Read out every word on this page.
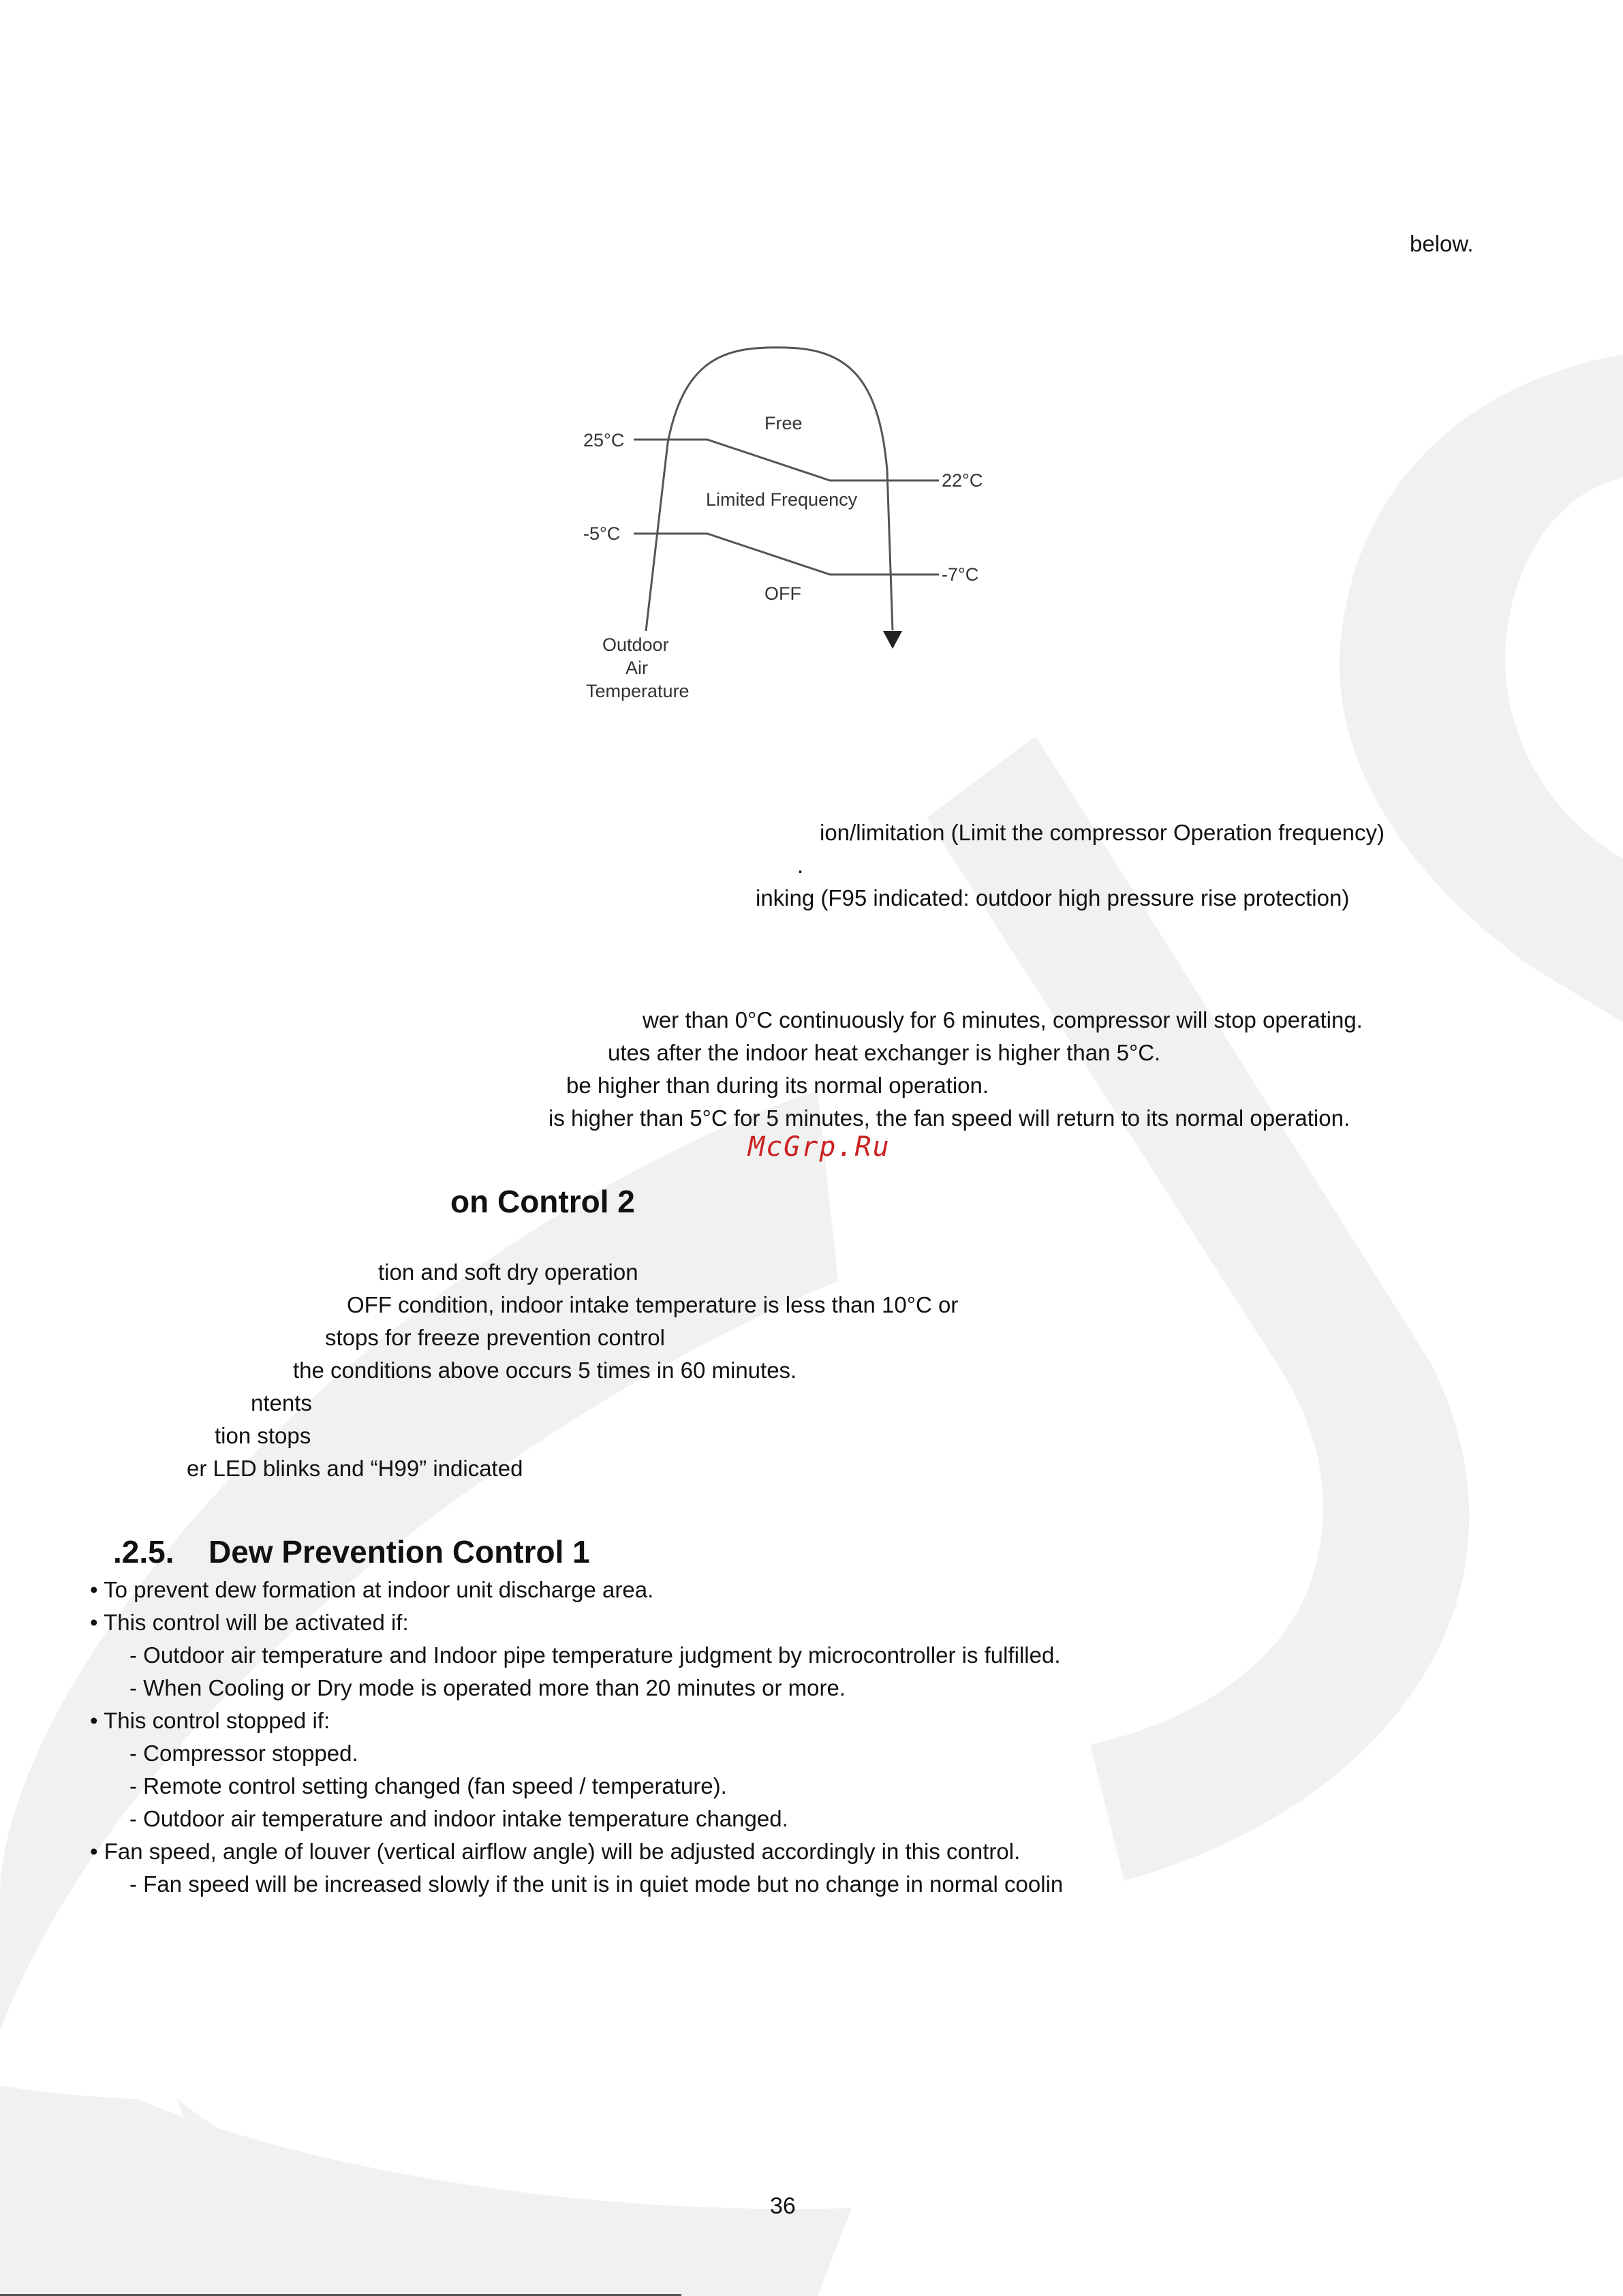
below.
25°C
-5°C
22°C
-7°C
Free
Limited Frequency
OFF
Outdoor
Air
Temperature
ion/limitation (Limit the compressor Operation frequency)
.
inking (F95 indicated: outdoor high pressure rise protection)
wer than 0°C continuously for 6 minutes, compressor will stop operating.
utes after the indoor heat exchanger is higher than 5°C.
be higher than during its normal operation.
is higher than 5°C for 5 minutes, the fan speed will return to its normal operation.
McGrp.Ru
on Control 2
tion and soft dry operation
OFF condition, indoor intake temperature is less than 10°C or
stops for freeze prevention control
the conditions above occurs 5 times in 60 minutes.
ntents
tion stops
er LED blinks and “H99” indicated
.2.5. Dew Prevention Control 1
• To prevent dew formation at indoor unit discharge area.
• This control will be activated if:
- Outdoor air temperature and Indoor pipe temperature judgment by microcontroller is fulfilled.
- When Cooling or Dry mode is operated more than 20 minutes or more.
• This control stopped if:
- Compressor stopped.
- Remote control setting changed (fan speed / temperature).
- Outdoor air temperature and indoor intake temperature changed.
• Fan speed, angle of louver (vertical airflow angle) will be adjusted accordingly in this control.
- Fan speed will be increased slowly if the unit is in quiet mode but no change in normal coolin
36
